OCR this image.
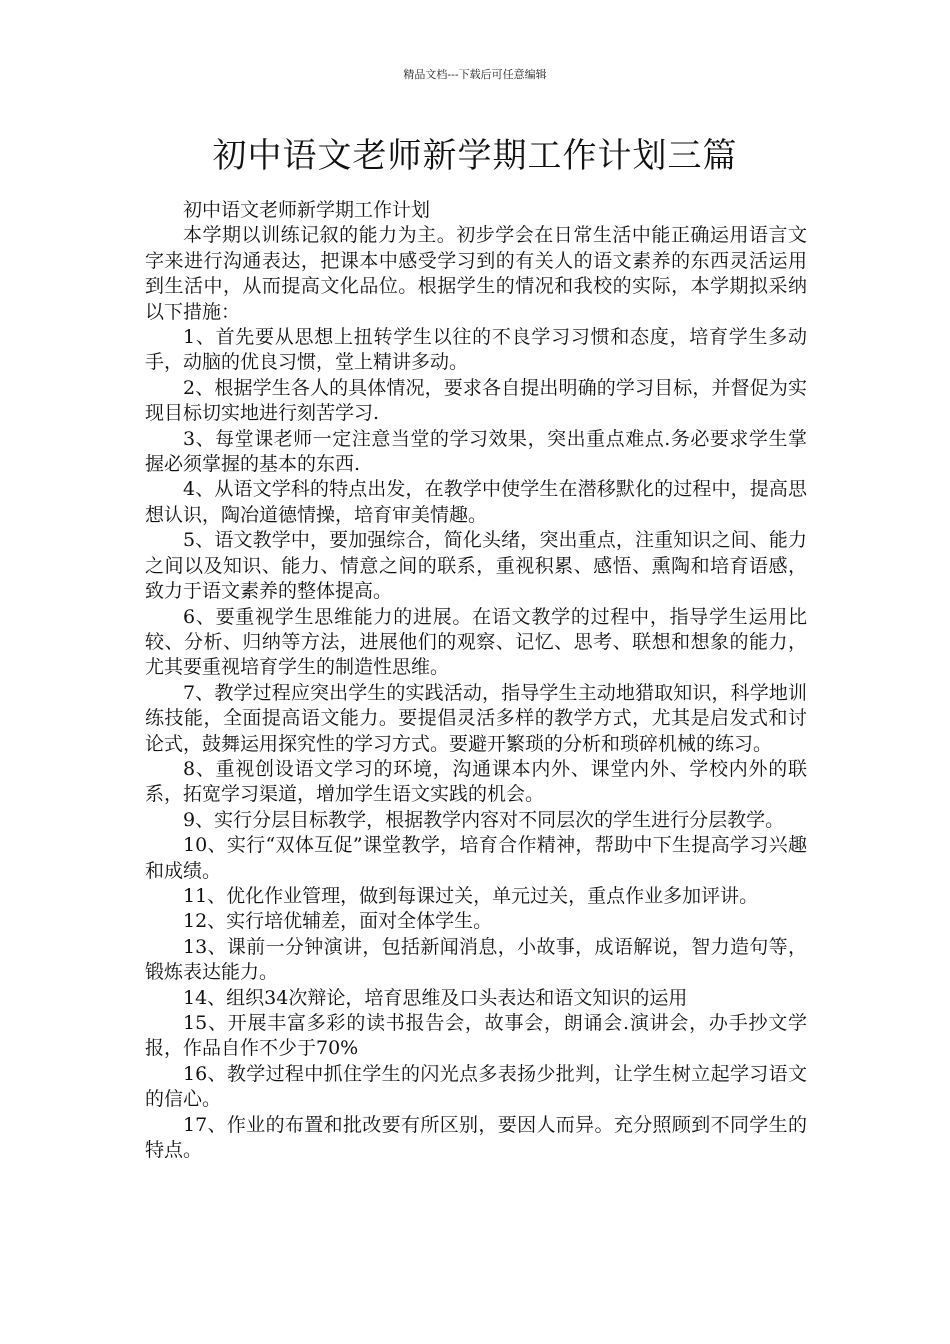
精品文档---下载后可任意编辑
初中语文老师新学期工作计划三篇

初中语文老师新学期工作计划

本学期以训练记叙的能力为主。初步学会在日常生活中能正确运用语言文字来进行沟通表达，把课本中感受学习到的有关人的语文素养的东西灵活运用到生活中，从而提高文化品位。根据学生的情况和我校的实际，本学期拟采纳以下措施：

1、首先要从思想上扭转学生以往的不良学习习惯和态度，培育学生多动手，动脑的优良习惯，堂上精讲多动。

2、根据学生各人的具体情况，要求各自提出明确的学习目标，并督促为实现目标切实地进行刻苦学习.

3、每堂课老师一定注意当堂的学习效果，突出重点难点.务必要求学生掌握必须掌握的基本的东西.

4、从语文学科的特点出发，在教学中使学生在潜移默化的过程中，提高思想认识，陶冶道德情操，培育审美情趣。

5、语文教学中，要加强综合，简化头绪，突出重点，注重知识之间、能力之间以及知识、能力、情意之间的联系，重视积累、感悟、熏陶和培育语感，致力于语文素养的整体提高。

6、要重视学生思维能力的进展。在语文教学的过程中，指导学生运用比较、分析、归纳等方法，进展他们的观察、记忆、思考、联想和想象的能力，尤其要重视培育学生的制造性思维。

7、教学过程应突出学生的实践活动，指导学生主动地猎取知识，科学地训练技能，全面提高语文能力。要提倡灵活多样的教学方式，尤其是启发式和讨论式，鼓舞运用探究性的学习方式。要避开繁琐的分析和琐碎机械的练习。

8、重视创设语文学习的环境，沟通课本内外、课堂内外、学校内外的联系，拓宽学习渠道，增加学生语文实践的机会。

9、实行分层目标教学，根据教学内容对不同层次的学生进行分层教学。

10、实行“双体互促”课堂教学，培育合作精神，帮助中下生提高学习兴趣和成绩。

11、优化作业管理，做到每课过关，单元过关，重点作业多加评讲。

12、实行培优辅差，面对全体学生。

13、课前一分钟演讲，包括新闻消息，小故事，成语解说，智力造句等，锻炼表达能力。

14、组织34次辩论，培育思维及口头表达和语文知识的运用

15、开展丰富多彩的读书报告会，故事会，朗诵会.演讲会，办手抄文学报，作品自作不少于70%

16、教学过程中抓住学生的闪光点多表扬少批判，让学生树立起学习语文的信心。

17、作业的布置和批改要有所区别，要因人而异。充分照顾到不同学生的特点。
